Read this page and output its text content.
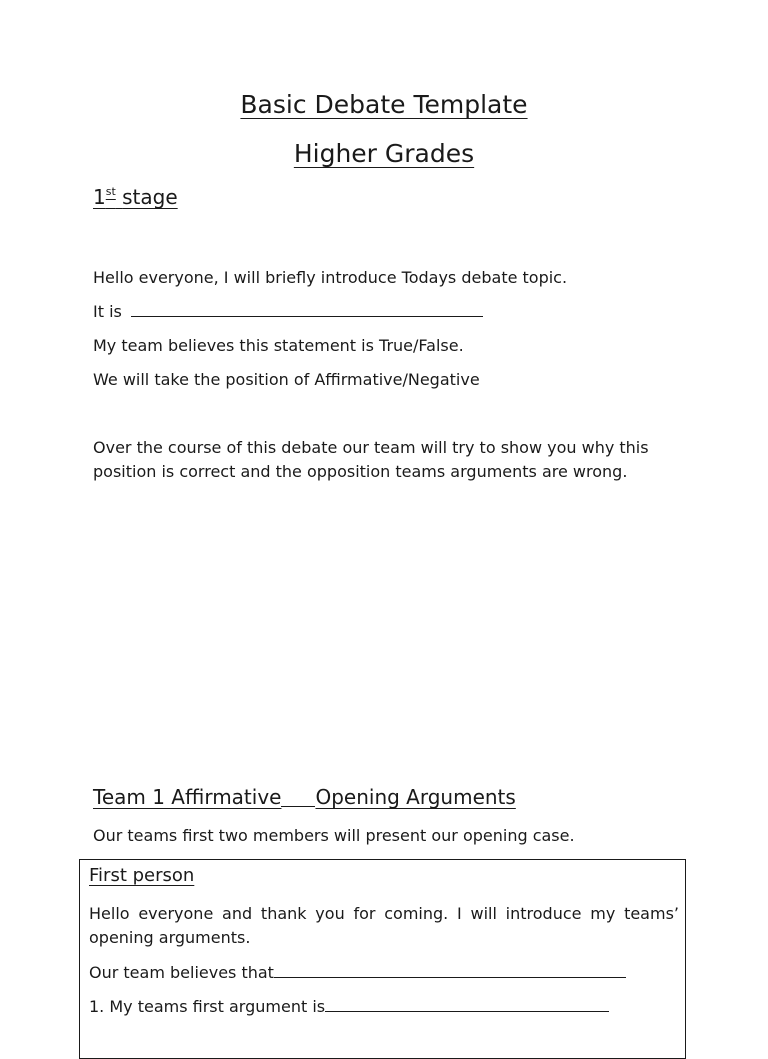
Basic Debate Template
Higher Grades
1st stage

Hello everyone, I will briefly introduce Todays debate topic.

It is

My team believes this statement is True/False.

We will take the position of Affirmative/Negative

Over the course of this debate our team will try to show you why this position is correct and the opposition teams arguments are wrong.

Team 1 Affirmative Opening Arguments

Our teams first two members will present our opening case.

First person

Hello everyone and thank you for coming. I will introduce my teams’ opening arguments.

Our team believes that

1. My teams first argument is
